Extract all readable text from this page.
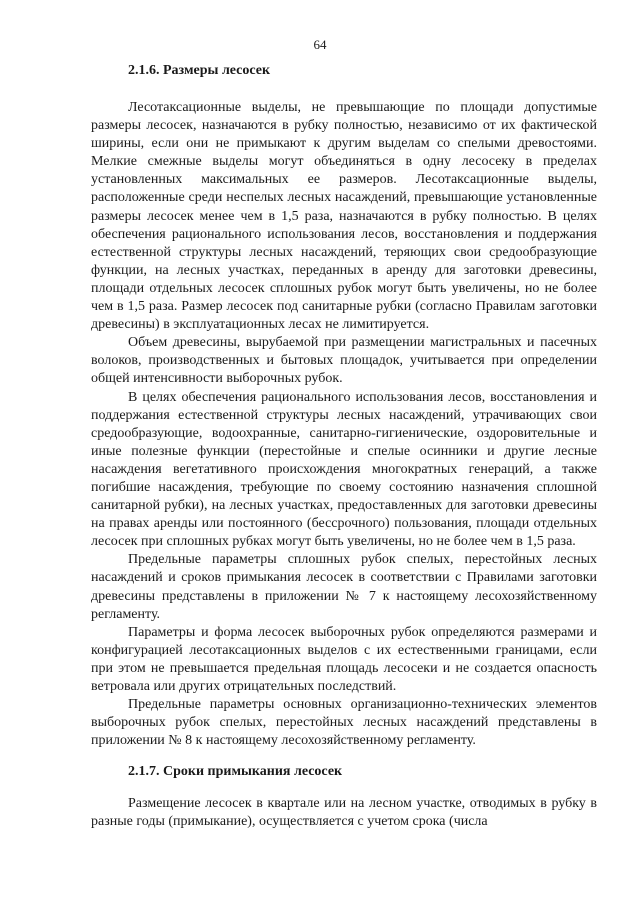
64
2.1.6. Размеры лесосек

Лесотаксационные выделы, не превышающие по площади допустимые размеры лесосек, назначаются в рубку полностью, независимо от их фактической ширины, если они не примыкают к другим выделам со спелыми древостоями. Мелкие смежные выделы могут объединяться в одну лесосеку в пределах установленных максимальных ее размеров. Лесотаксационные выделы, расположенные среди неспелых лесных насаждений, превышающие установленные размеры лесосек менее чем в 1,5 раза, назначаются в рубку полностью. В целях обеспечения рационального использования лесов, восстановления и поддержания естественной структуры лесных насаждений, теряющих свои средообразующие функции, на лесных участках, переданных в аренду для заготовки древесины, площади отдельных лесосек сплошных рубок могут быть увеличены, но не более чем в 1,5 раза. Размер лесосек под санитарные рубки (согласно Правилам заготовки древесины) в эксплуатационных лесах не лимитируется.

Объем древесины, вырубаемой при размещении магистральных и пасечных волоков, производственных и бытовых площадок, учитывается при определении общей интенсивности выборочных рубок.

В целях обеспечения рационального использования лесов, восстановления и поддержания естественной структуры лесных насаждений, утрачивающих свои средообразующие, водоохранные, санитарно-гигиенические, оздоровительные и иные полезные функции (перестойные и спелые осинники и другие лесные насаждения вегетативного происхождения многократных генераций, а также погибшие насаждения, требующие по своему состоянию назначения сплошной санитарной рубки), на лесных участках, предоставленных для заготовки древесины на правах аренды или постоянного (бессрочного) пользования, площади отдельных лесосек при сплошных рубках могут быть увеличены, но не более чем в 1,5 раза.

Предельные параметры сплошных рубок спелых, перестойных лесных насаждений и сроков примыкания лесосек в соответствии с Правилами заготовки древесины представлены в приложении № 7 к настоящему лесохозяйственному регламенту.

Параметры и форма лесосек выборочных рубок определяются размерами и конфигурацией лесотаксационных выделов с их естественными границами, если при этом не превышается предельная площадь лесосеки и не создается опасность ветровала или других отрицательных последствий.

Предельные параметры основных организационно-технических элементов выборочных рубок спелых, перестойных лесных насаждений представлены в приложении № 8 к настоящему лесохозяйственному регламенту.

2.1.7. Сроки примыкания лесосек

Размещение лесосек в квартале или на лесном участке, отводимых в рубку в разные годы (примыкание), осуществляется с учетом срока (числа
